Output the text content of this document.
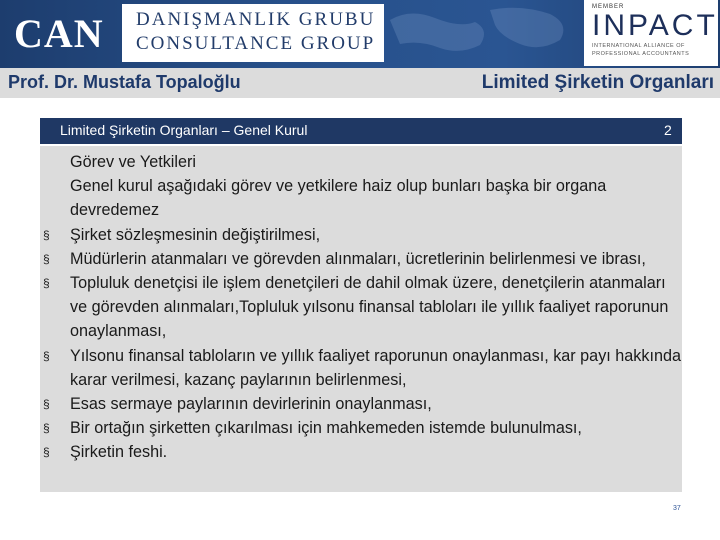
CAN DANIŞMANLIK GRUBU
CONSULTANCE GROUP
MEMBER
INPACT
INTERNATIONAL ALLIANCE OF
PROFESSIONAL ACCOUNTANTS
Prof. Dr. Mustafa Topaloğlu	Limited Şirketin Organları
Limited Şirketin Organları – Genel Kurul	2

Görev ve Yetkileri

Genel kurul aşağıdaki görev ve yetkilere haiz olup bunları başka bir organa devredemez

§ Şirket sözleşmesinin değiştirilmesi,
§ Müdürlerin atanmaları ve görevden alınmaları, ücretlerinin belirlenmesi ve ibrası,
§ Topluluk denetçisi ile işlem denetçileri de dahil olmak üzere, denetçilerin atanmaları ve görevden alınmaları,Topluluk yılsonu finansal tabloları ile yıllık faaliyet raporunun onaylanması,
§ Yılsonu finansal tabloların ve yıllık faaliyet raporunun onaylanması, kar payı hakkında karar verilmesi, kazanç paylarının belirlenmesi,
§ Esas sermaye paylarının devirlerinin onaylanması,
§ Bir ortağın şirketten çıkarılması için mahkemeden istemde bulunulması,
§ Şirketin feshi.
37
